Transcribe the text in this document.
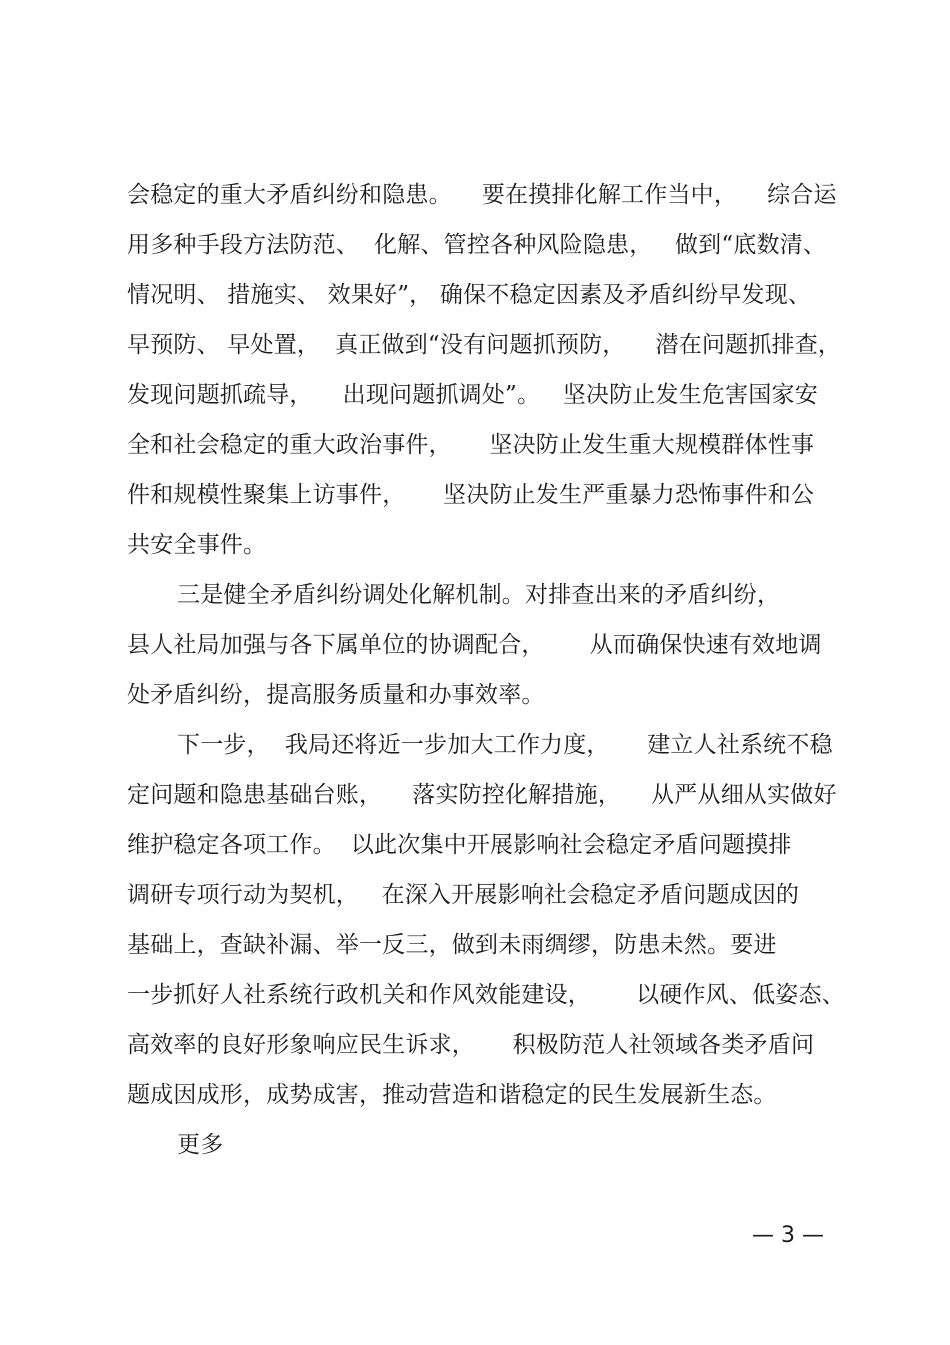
会稳定的重大矛盾纠纷和隐患。    要在摸排化解工作当中，    综合运
用多种手段方法防范、  化解、管控各种风险隐患，   做到“底数清、
情况明、 措施实、 效果好”， 确保不稳定因素及矛盾纠纷早发现、
早预防、 早处置，  真正做到“没有问题抓预防，    潜在问题抓排查，
发现问题抓疏导，    出现问题抓调处”。   坚决防止发生危害国家安
全和社会稳定的重大政治事件，     坚决防止发生重大规模群体性事
件和规模性聚集上访事件，     坚决防止发生严重暴力恐怖事件和公
共安全事件。
三是健全矛盾纠纷调处化解机制。对排查出来的矛盾纠纷，
县人社局加强与各下属单位的协调配合，      从而确保快速有效地调
处矛盾纠纷，提高服务质量和办事效率。
下一步，  我局还将近一步加大工作力度，     建立人社系统不稳
定问题和隐患基础台账，    落实防控化解措施，    从严从细从实做好
维护稳定各项工作。  以此次集中开展影响社会稳定矛盾问题摸排
调研专项行动为契机，   在深入开展影响社会稳定矛盾问题成因的
基础上，查缺补漏、举一反三，做到未雨绸缪，防患未然。要进
一步抓好人社系统行政机关和作风效能建设，      以硬作风、低姿态、
高效率的良好形象响应民生诉求，     积极防范人社领域各类矛盾问
题成因成形，成势成害，推动营造和谐稳定的民生发展新生态。
更多
— 3 —
